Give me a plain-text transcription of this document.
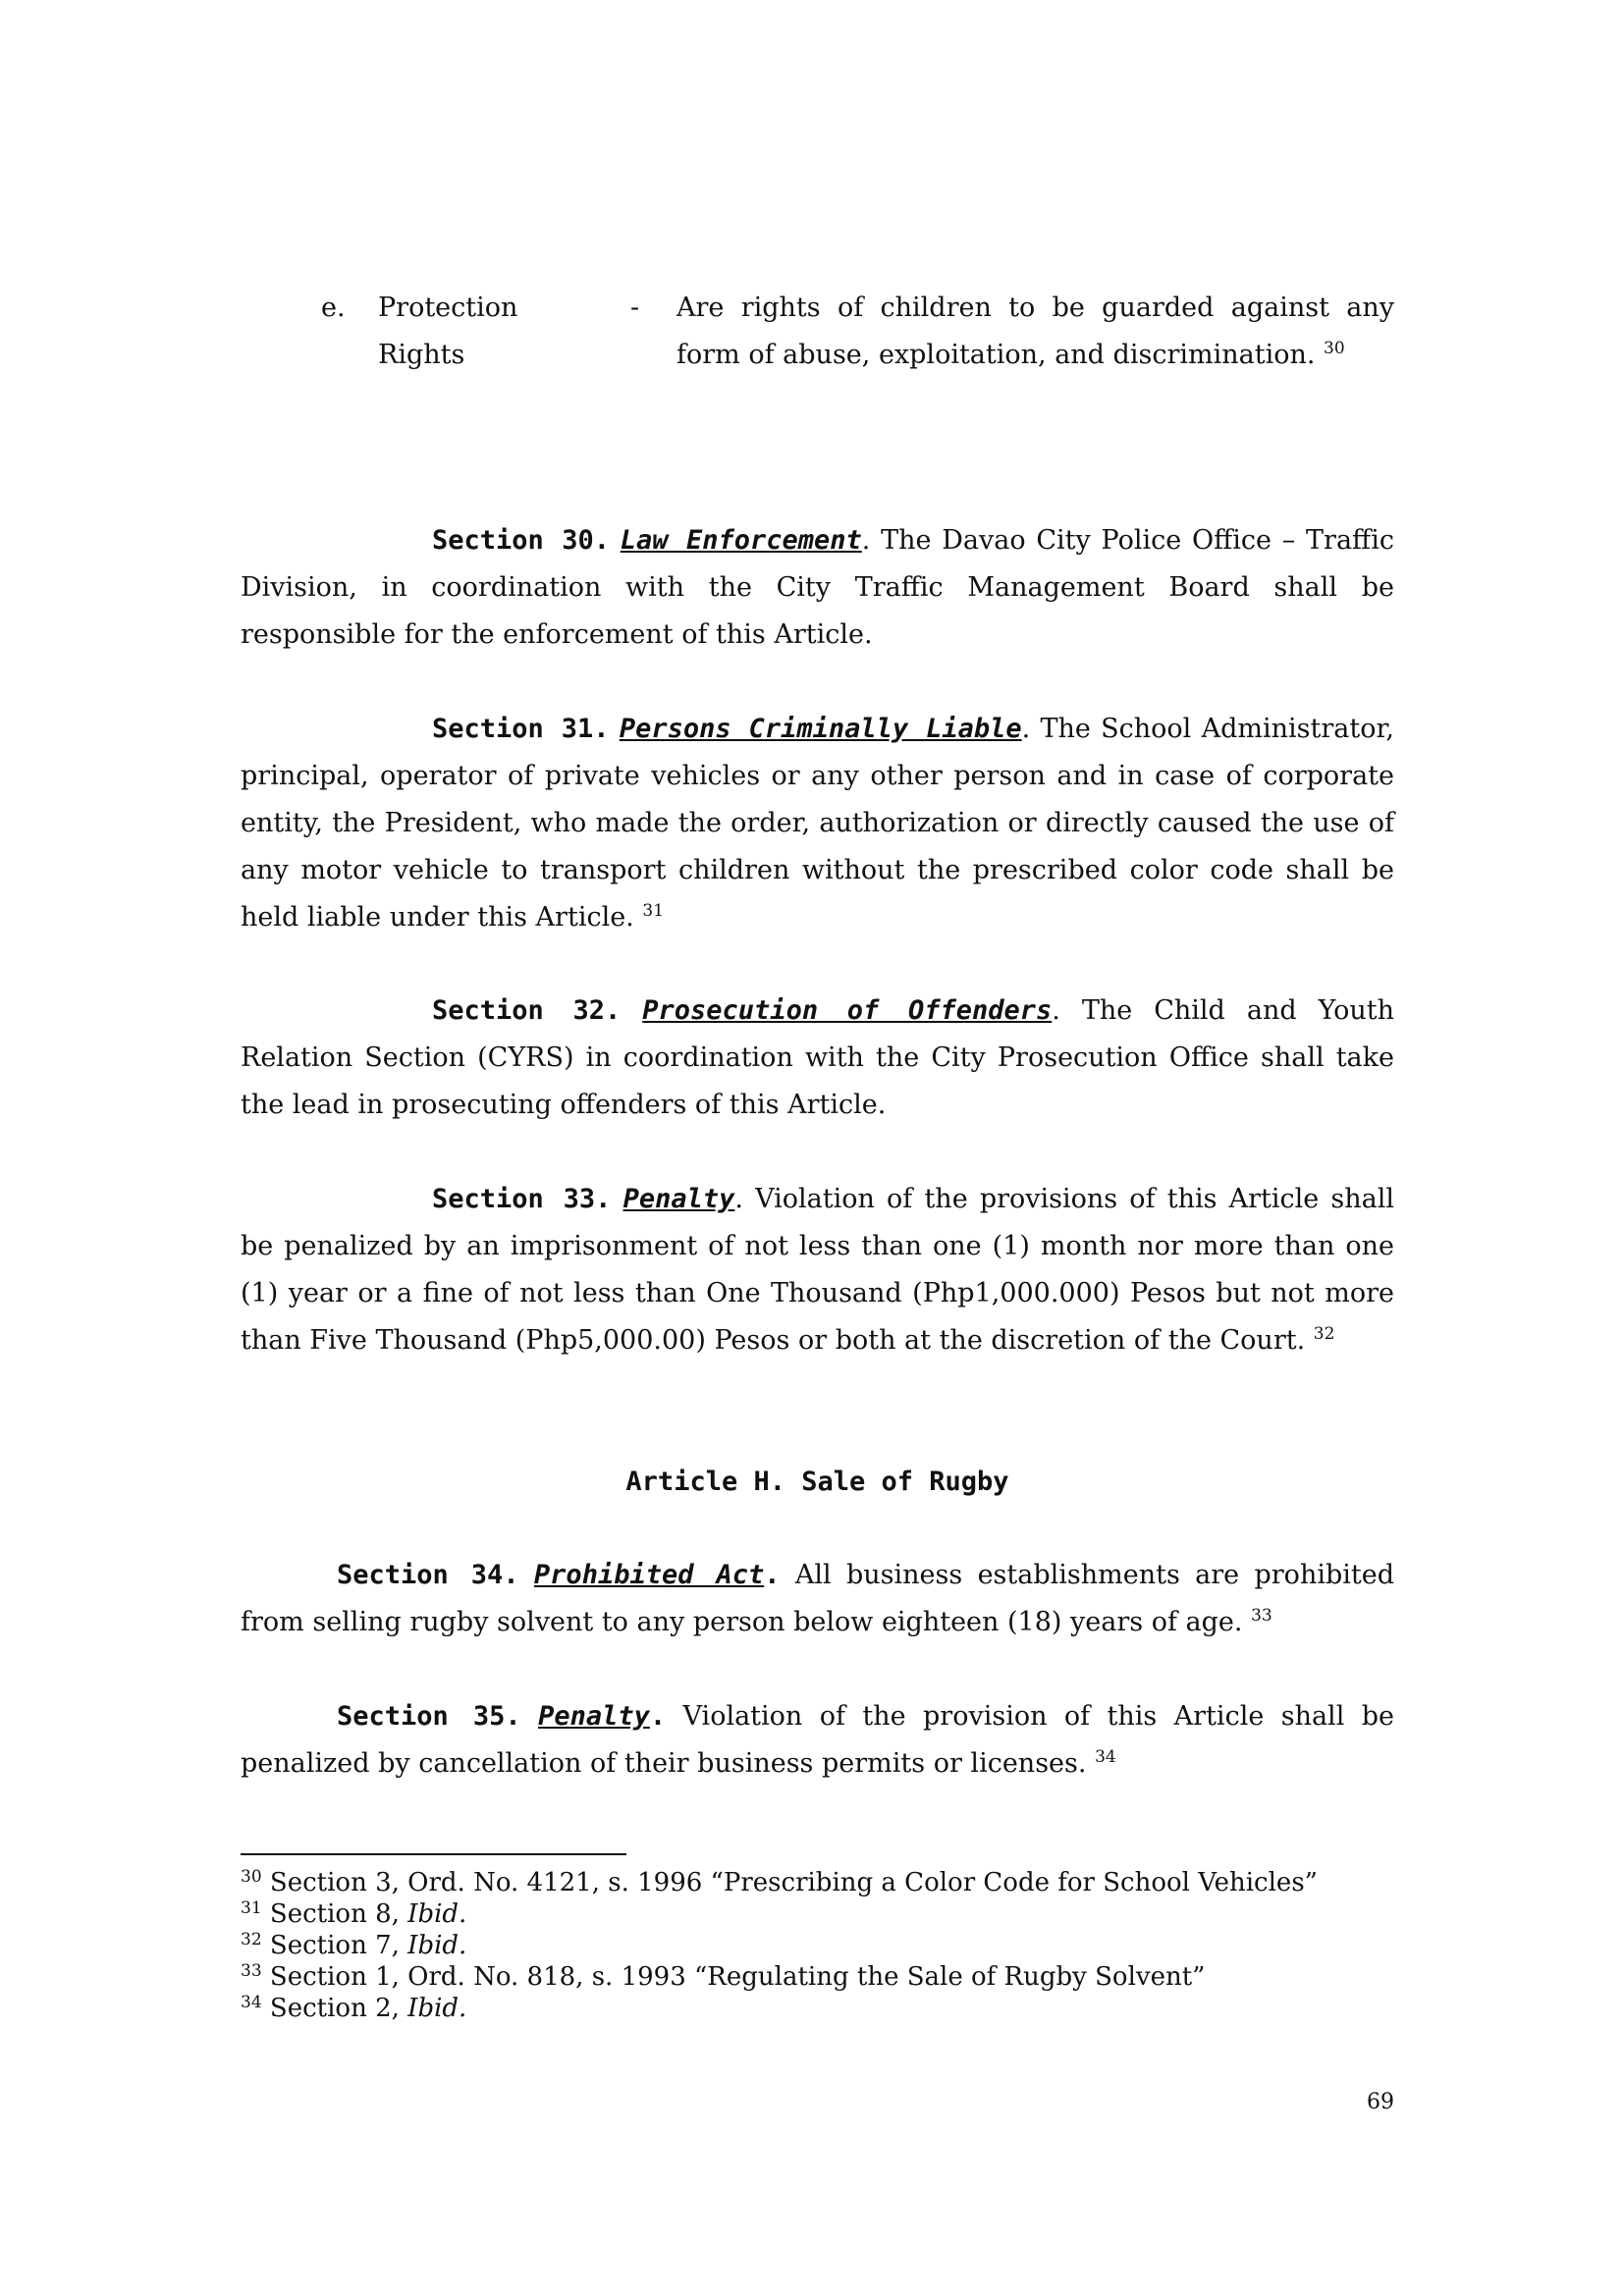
e. Protection
Rights
- Are rights of children to be guarded against any form of abuse, exploitation, and discrimination. $^{30}$
Section 30. Law Enforcement. The Davao City Police Office – Traffic Division, in coordination with the City Traffic Management Board shall be responsible for the enforcement of this Article.
Section 31. Persons Criminally Liable. The School Administrator, principal, operator of private vehicles or any other person and in case of corporate entity, the President, who made the order, authorization or directly caused the use of any motor vehicle to transport children without the prescribed color code shall be held liable under this Article. $^{31}$
Section 32. Prosecution of Offenders. The Child and Youth Relation Section (CYRS) in coordination with the City Prosecution Office shall take the lead in prosecuting offenders of this Article.
Section 33. Penalty. Violation of the provisions of this Article shall be penalized by an imprisonment of not less than one (1) month nor more than one (1) year or a fine of not less than One Thousand (Php1,000.000) Pesos but not more than Five Thousand (Php5,000.00) Pesos or both at the discretion of the Court. $^{32}$
Article H. Sale of Rugby
Section 34. Prohibited Act. All business establishments are prohibited from selling rugby solvent to any person below eighteen (18) years of age. $^{33}$
Section 35. Penalty. Violation of the provision of this Article shall be penalized by cancellation of their business permits or licenses. $^{34}$
$^{30}$ Section 3, Ord. No. 4121, s. 1996 “Prescribing a Color Code for School Vehicles”
$^{31}$ Section 8, Ibid.
$^{32}$ Section 7, Ibid.
$^{33}$ Section 1, Ord. No. 818, s. 1993 “Regulating the Sale of Rugby Solvent”
$^{34}$ Section 2, Ibid.
69
